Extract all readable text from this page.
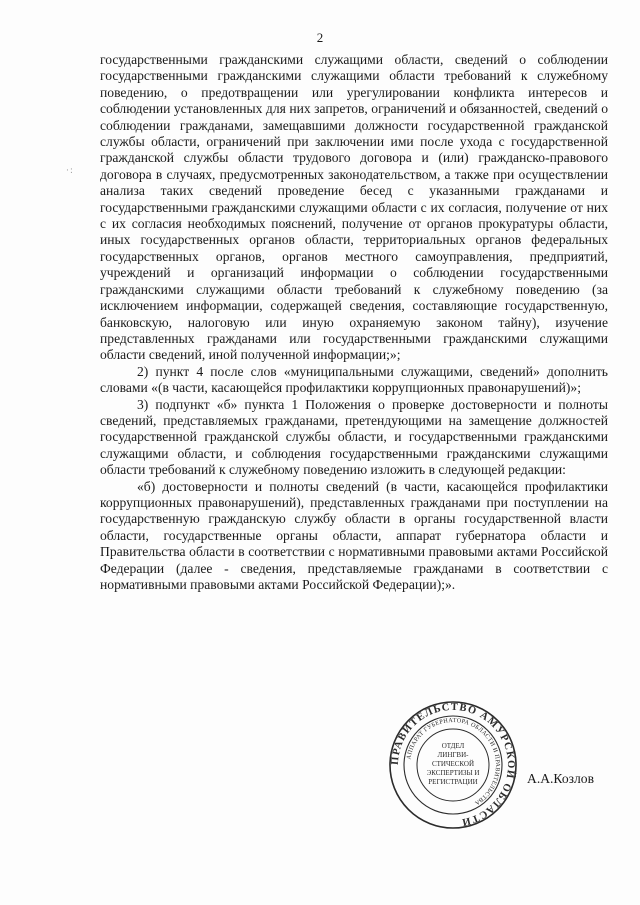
2
·:

государственными гражданскими служащими области, сведений о соблюдении государственными гражданскими служащими области требований к служебному поведению, о предотвращении или урегулировании конфликта интересов и соблюдении установленных для них запретов, ограничений и обязанностей, сведений о соблюдении гражданами, замещавшими должности государственной гражданской службы области, ограничений при заключении ими после ухода с государственной гражданской службы области трудового договора и (или) гражданско-правового договора в случаях, предусмотренных законодательством, а также при осуществлении анализа таких сведений проведение бесед с указанными гражданами и государственными гражданскими служащими области с их согласия, получение от них с их согласия необходимых пояснений, получение от органов прокуратуры области, иных государственных органов области, территориальных органов федеральных государственных органов, органов местного самоуправления, предприятий, учреждений и организаций информации о соблюдении государственными гражданскими служащими области требований к служебному поведению (за исключением информации, содержащей сведения, составляющие государственную, банковскую, налоговую или иную охраняемую законом тайну), изучение представленных гражданами или государственными гражданскими служащими области сведений, иной полученной информации;»;

2) пункт 4 после слов «муниципальными служащими, сведений» дополнить словами «(в части, касающейся профилактики коррупционных правонарушений)»;

3) подпункт «б» пункта 1 Положения о проверке достоверности и полноты сведений, представляемых гражданами, претендующими на замещение должностей государственной гражданской службы области, и государственными гражданскими служащими области, и соблюдения государственными гражданскими служащими области требований к служебному поведению изложить в следующей редакции:

«б) достоверности и полноты сведений (в части, касающейся профилактики коррупционных правонарушений), представленных гражданами при поступлении на государственную гражданскую службу области в органы государственной власти области, государственные органы области, аппарат губернатора области и Правительства области в соответствии с нормативными правовыми актами Российской Федерации (далее - сведения, представляемые гражданами в соответствии с нормативными правовыми актами Российской Федерации);».

ПРАВИТЕЛЬСТВО АМУРСКОЙ ОБЛАСТИ
АППАРАТ ГУБЕРНАТОРА ОБЛАСТИ И ПРАВИТЕЛЬСТВА
ОТДЕЛ
ЛИНГВИ-
СТИЧЕСКОЙ
ЭКСПЕРТИЗЫ И
РЕГИСТРАЦИИ	А.А.Козлов
